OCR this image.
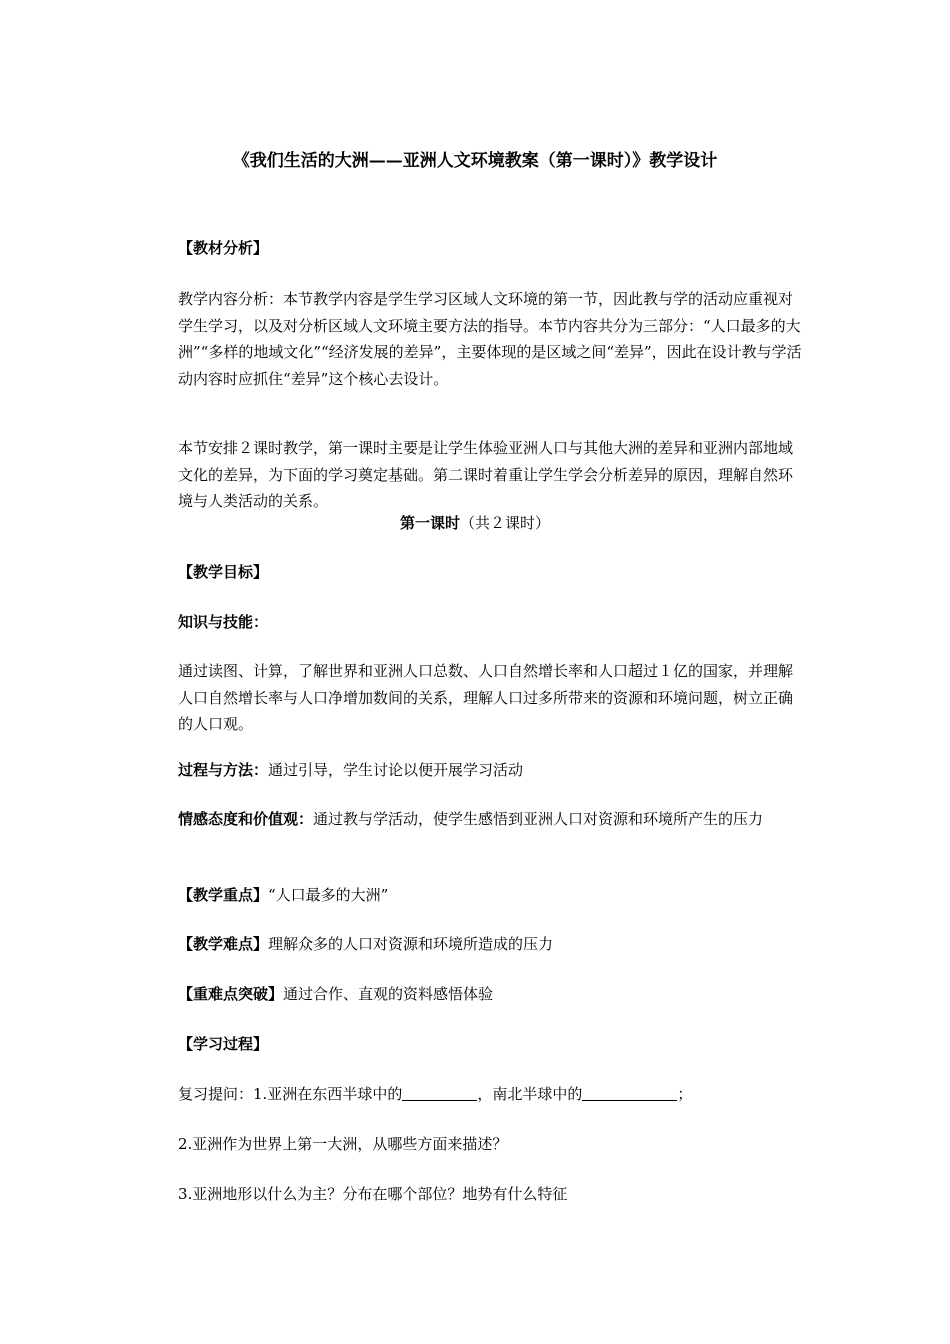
《我们生活的大洲——亚洲人文环境教案（第一课时）》教学设计
【教材分析】

教学内容分析：本节教学内容是学生学习区域人文环境的第一节，因此教与学的活动应重视对学生学习，以及对分析区域人文环境主要方法的指导。本节内容共分为三部分：“人口最多的大洲”“多样的地域文化”“经济发展的差异”，主要体现的是区域之间“差异”，因此在设计教与学活动内容时应抓住“差异”这个核心去设计。

本节安排２课时教学，第一课时主要是让学生体验亚洲人口与其他大洲的差异和亚洲内部地域文化的差异，为下面的学习奠定基础。第二课时着重让学生学会分析差异的原因，理解自然环境与人类活动的关系。

第一课时（共２课时）
【教学目标】
知识与技能：

通过读图、计算，了解世界和亚洲人口总数、人口自然增长率和人口超过１亿的国家，并理解人口自然增长率与人口净增加数间的关系，理解人口过多所带来的资源和环境问题，树立正确的人口观。

过程与方法：通过引导，学生讨论以便开展学习活动

情感态度和价值观：通过教与学活动，使学生感悟到亚洲人口对资源和环境所产生的压力

【教学重点】“人口最多的大洲”
【教学难点】理解众多的人口对资源和环境所造成的压力
【重难点突破】通过合作、直观的资料感悟体验
【学习过程】
复习提问：1.亚洲在东西半球中的	，南北半球中的	；
2.亚洲作为世界上第一大洲，从哪些方面来描述？
3.亚洲地形以什么为主？分布在哪个部位？地势有什么特征
